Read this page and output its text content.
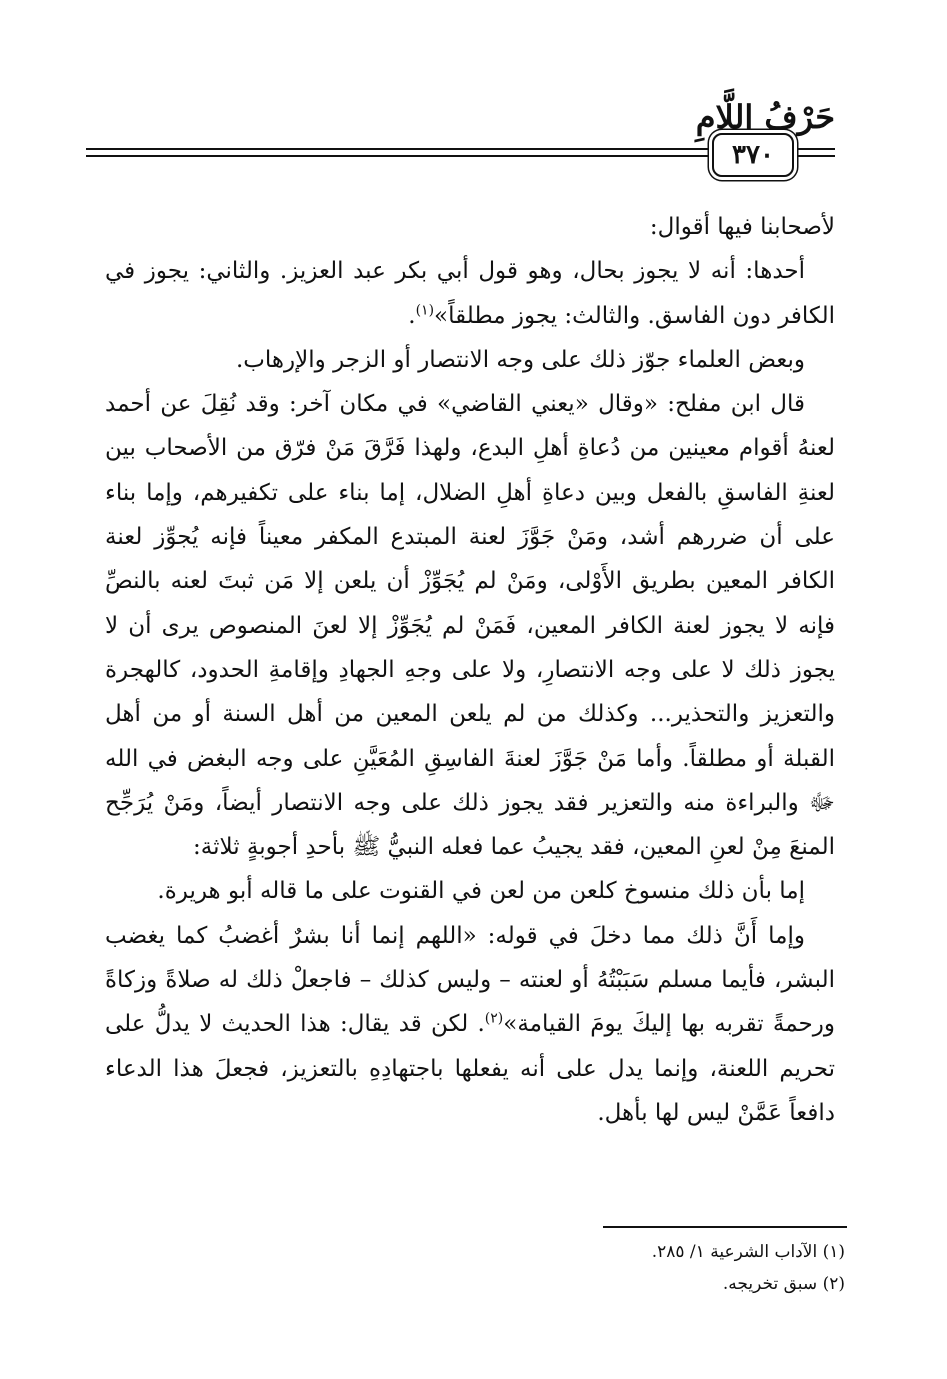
حَرْفُ اللَّامِ
٣٧٠

لأصحابنا فيها أقوال:

أحدها: أنه لا يجوز بحال، وهو قول أبي بكر عبد العزيز. والثاني: يجوز في الكافر دون الفاسق. والثالث: يجوز مطلقاً»$^{(١)}$.

وبعض العلماء جوّز ذلك على وجه الانتصار أو الزجر والإرهاب.

قال ابن مفلح: «وقال «يعني القاضي» في مكان آخر: وقد نُقِلَ عن أحمد لعنهُ أقوام معينين من دُعاةِ أهلِ البدع، ولهذا فَرَّقَ مَنْ فرّق من الأصحاب بين لعنةِ الفاسقِ بالفعل وبين دعاةِ أهلِ الضلال، إما بناء على تكفيرهم، وإما بناء على أن ضررهم أشد، ومَنْ جَوَّزَ لعنة المبتدع المكفر معيناً فإنه يُجوِّز لعنة الكافر المعين بطريق الأَوْلى، ومَنْ لم يُجَوِّزْ أن يلعن إلا مَن ثبتَ لعنه بالنصِّ فإنه لا يجوز لعنة الكافر المعين، فَمَنْ لم يُجَوِّزْ إلا لعنَ المنصوص يرى أن لا يجوز ذلك لا على وجه الانتصارِ، ولا على وجهِ الجهادِ وإقامةِ الحدود، كالهجرة والتعزيز والتحذير... وكذلك من لم يلعن المعين من أهل السنة أو من أهل القبلة أو مطلقاً. وأما مَنْ جَوَّزَ لعنةَ الفاسِقِ المُعَيَّنِ على وجه البغض في الله ﷻ والبراءة منه والتعزير فقد يجوز ذلك على وجه الانتصار أيضاً، ومَنْ يُرَجِّح المنعَ مِنْ لعنِ المعين، فقد يجيبُ عما فعله النبيُّ ﷺ بأحدِ أجوبةٍ ثلاثة:

إما بأن ذلك منسوخ كلعن من لعن في القنوت على ما قاله أبو هريرة.

وإما أَنَّ ذلك مما دخلَ في قوله: «اللهم إنما أنا بشرٌ أغضبُ كما يغضب البشر، فأيما مسلم سَبَبْتُهُ أو لعنته – وليس كذلك – فاجعلْ ذلك له صلاةً وزكاةً ورحمةً تقربه بها إليكَ يومَ القيامة»$^{(٢)}$. لكن قد يقال: هذا الحديث لا يدلُّ على تحريم اللعنة، وإنما يدل على أنه يفعلها باجتهادِهِ بالتعزيز، فجعلَ هذا الدعاء دافعاً عَمَّنْ ليس لها بأهل.

(١) الآداب الشرعية ١/ ٢٨٥.
(٢) سبق تخريجه.
